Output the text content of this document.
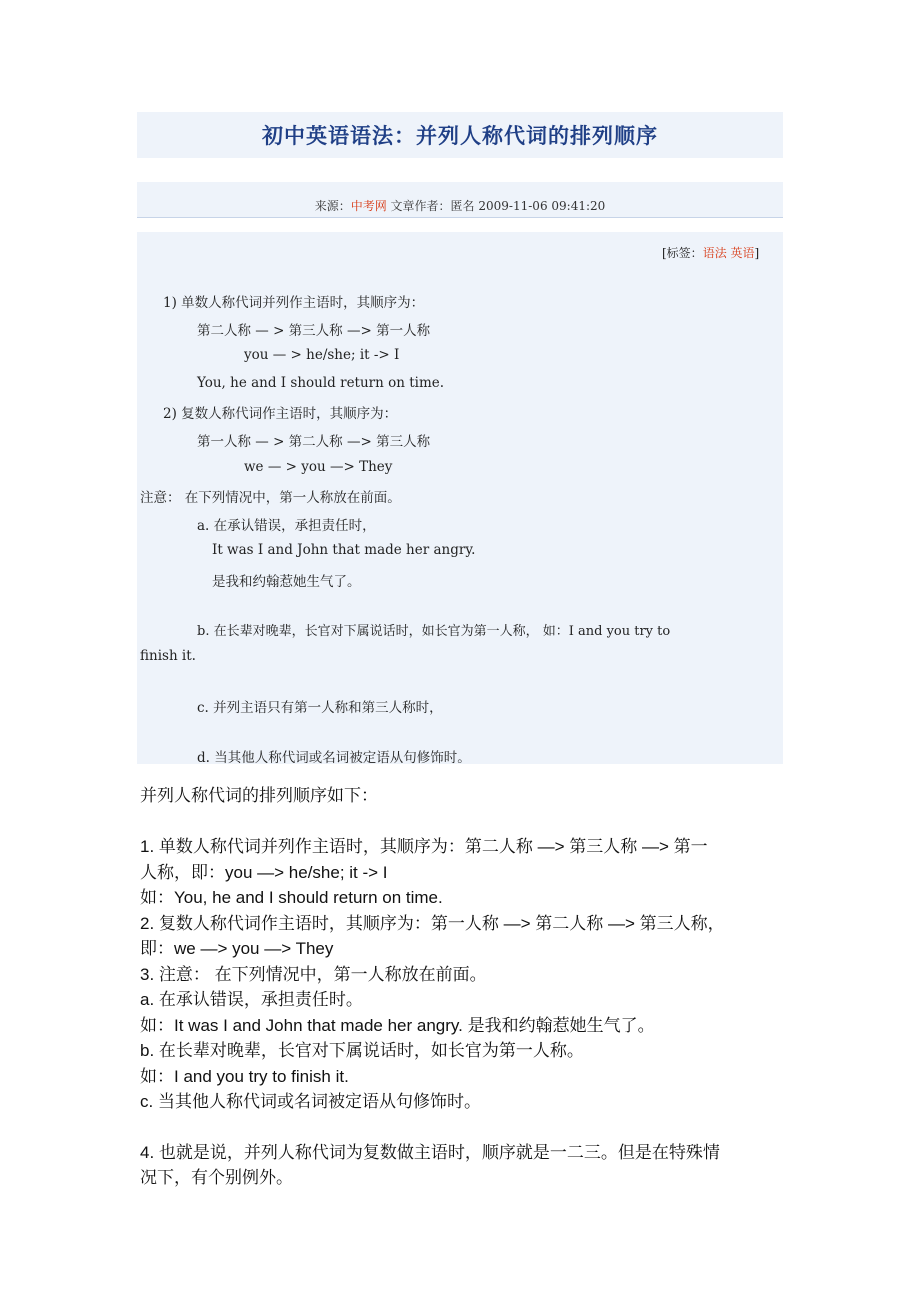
初中英语语法：并列人称代词的排列顺序
来源：中考网 文章作者：匿名 2009-11-06 09:41:20
[标签：语法 英语]
1) 单数人称代词并列作主语时，其顺序为：
第二人称 — > 第三人称 —> 第一人称
you — > he/she; it -> I
You, he and I should return on time.
2) 复数人称代词作主语时，其顺序为：
第一人称 — > 第二人称 —> 第三人称
we — > you —> They
注意： 在下列情况中，第一人称放在前面。
a. 在承认错误，承担责任时，
It was I and John that made her angry.
是我和约翰惹她生气了。
b. 在长辈对晚辈，长官对下属说话时，如长官为第一人称， 如：I and you try to
finish it.
c. 并列主语只有第一人称和第三人称时，
d. 当其他人称代词或名词被定语从句修饰时。
并列人称代词的排列顺序如下：
1. 单数人称代词并列作主语时，其顺序为：第二人称 —> 第三人称 —> 第一
人称，即：you —> he/she; it -> I
如：You, he and I should return on time.
2. 复数人称代词作主语时，其顺序为：第一人称 —> 第二人称 —> 第三人称，
即：we —> you —> They
3. 注意： 在下列情况中，第一人称放在前面。
a. 在承认错误，承担责任时。
如：It was I and John that made her angry. 是我和约翰惹她生气了。
b. 在长辈对晚辈，长官对下属说话时，如长官为第一人称。
如：I and you try to finish it.
c. 当其他人称代词或名词被定语从句修饰时。
4. 也就是说，并列人称代词为复数做主语时，顺序就是一二三。但是在特殊情
况下，有个别例外。
